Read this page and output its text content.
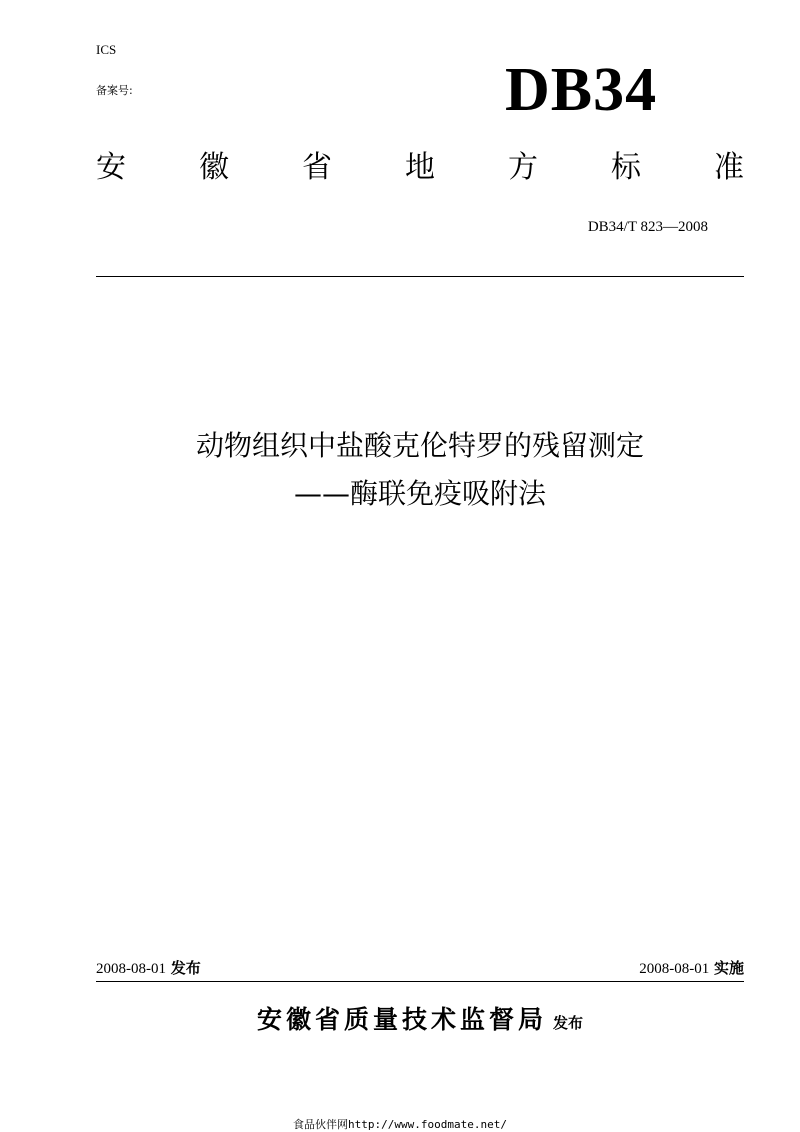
ICS
备案号:	DB34
安 徽 省 地 方 标 准
DB34/T 823—2008
动物组织中盐酸克伦特罗的残留测定
——酶联免疫吸附法
2008-08-01 发布	2008-08-01 实施
安徽省质量技术监督局 发布
食品伙伴网http://www.foodmate.net/
